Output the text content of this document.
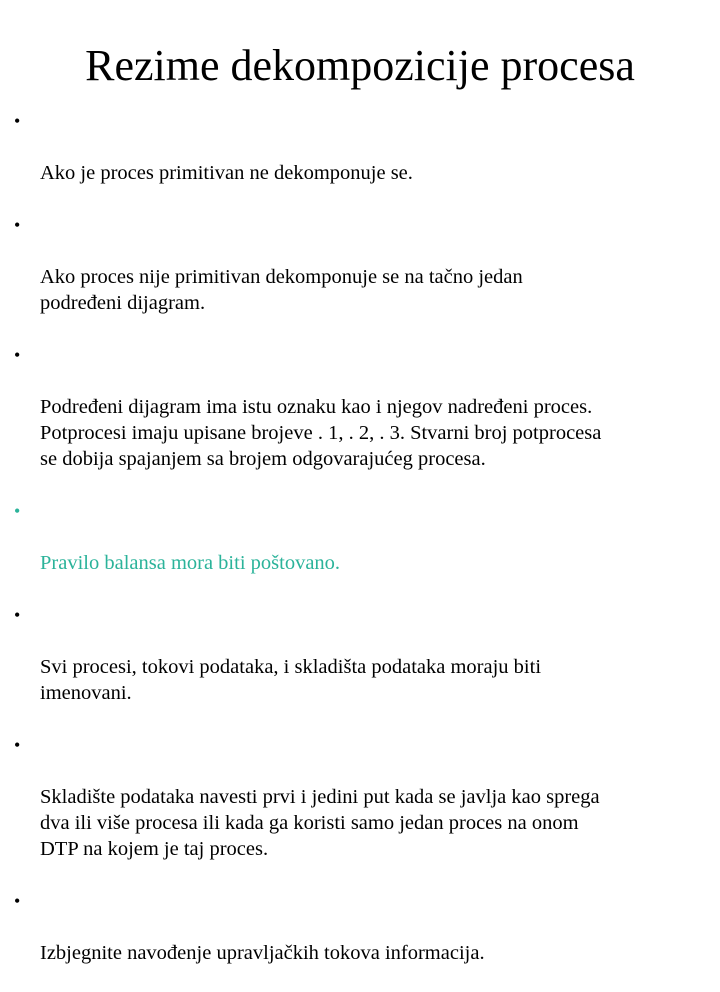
Rezime dekompozicije procesa

•

Ako je proces primitivan ne dekomponuje se.

•

Ako proces nije primitivan dekomponuje se na tačno jedan
podređeni dijagram.

•

Podređeni dijagram ima istu oznaku kao i njegov nadređeni proces.
Potprocesi imaju upisane brojeve . 1, . 2, . 3. Stvarni broj potprocesa
se dobija spajanjem sa brojem odgovarajućeg procesa.

•

Pravilo balansa mora biti poštovano.

•

Svi procesi, tokovi podataka, i skladišta podataka moraju biti
imenovani.

•

Skladište podataka navesti prvi i jedini put kada se javlja kao sprega
dva ili više procesa ili kada ga koristi samo jedan proces na onom
DTP na kojem je taj proces.

•

Izbjegnite navođenje upravljačkih tokova informacija.
